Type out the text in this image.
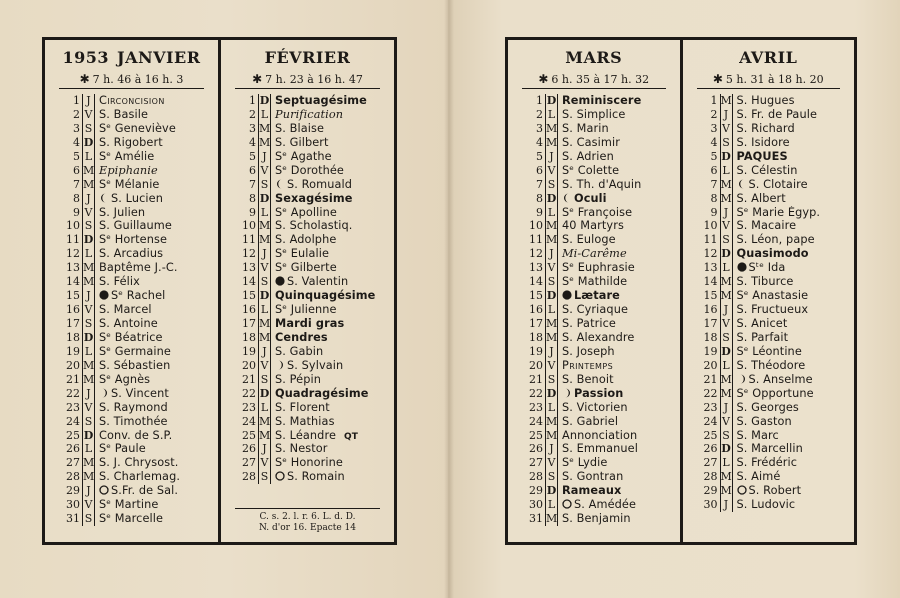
1953 JANVIER
✱ 7 h. 46 à 16 h. 3
1 J Circoncision
2 V S. Basile
3 S Sᵉ Geneviève
4 D S. Rigobert
5 L Sᵉ Amélie
6 M Epiphanie
7 M Sᵉ Mélanie
8 J	S. Lucien
9 V S. Julien
10 S S. Guillaume
11 D Sᵉ Hortense
12 L S. Arcadius
13 M Baptême J.-C.
14 M S. Félix
15 J	Sᵉ Rachel
16 V S. Marcel
17 S S. Antoine
18 D Sᵉ Béatrice
19 L Sᵉ Germaine
20 M S. Sébastien
21 M Sᵉ Agnès
22 J	S. Vincent
23 V S. Raymond
24 S S. Timothée
25 D Conv. de S.P.
26 L Sᵉ Paule
27 M S. J. Chrysost.
28 M S. Charlemag.
29 J	S.Fr. de Sal.
30 V Sᵉ Martine
31 S Sᵉ Marcelle
FÉVRIER
✱ 7 h. 23 à 16 h. 47
1 D Septuagésime
2 L Purification
3 M S. Blaise
4 M S. Gilbert
5 J Sᵉ Agathe
6 V Sᵉ Dorothée
7 S	S. Romuald
8 D Sexagésime
9 L Sᵉ Apolline
10 M S. Scholastiq.
11 M S. Adolphe
12 J Sᵉ Eulalie
13 V Sᵉ Gilberte
14 S	S. Valentin
15 D Quinquagésime
16 L Sᵉ Julienne
17 M Mardi gras
18 M Cendres
19 J S. Gabin
20 V	S. Sylvain
21 S S. Pépin
22 D Quadragésime
23 L S. Florent
24 M S. Mathias
25 M S. Léandre QT
26 J S. Nestor
27 V Sᵉ Honorine
28 S	S. Romain
C. s. 2. l. r. 6. L. d. D.
N. d'or 16. Epacte 14
MARS
✱ 6 h. 35 à 17 h. 32
1 D Reminiscere
2 L S. Simplice
3 M S. Marin
4 M S. Casimir
5 J S. Adrien
6 V Sᵉ Colette
7 S S. Th. d'Aquin
8 D	Oculi
9 L Sᵉ Françoise
10 M 40 Martyrs
11 M S. Euloge
12 J Mi-Carême
13 V Sᵉ Euphrasie
14 S Sᵉ Mathilde
15 D	Lætare
16 L S. Cyriaque
17 M S. Patrice
18 M S. Alexandre
19 J S. Joseph
20 V Printemps
21 S S. Benoit
22 D	Passion
23 L S. Victorien
24 M S. Gabriel
25 M Annonciation
26 J S. Emmanuel
27 V Sᵉ Lydie
28 S S. Gontran
29 D Rameaux
30 L	S. Amédée
31 M S. Benjamin
AVRIL
✱ 5 h. 31 à 18 h. 20
1 M S. Hugues
2 J S. Fr. de Paule
3 V S. Richard
4 S S. Isidore
5 D PAQUES
6 L S. Célestin
7 M	S. Clotaire
8 M S. Albert
9 J Sᵉ Marie Égyp.
10 V S. Macaire
11 S S. Léon, pape
12 D Quasimodo
13 L	Sᵗᵉ Ida
14 M S. Tiburce
15 M Sᵉ Anastasie
16 J S. Fructueux
17 V S. Anicet
18 S S. Parfait
19 D Sᵉ Léontine
20 L S. Théodore
21 M	S. Anselme
22 M Sᵉ Opportune
23 J S. Georges
24 V S. Gaston
25 S S. Marc
26 D S. Marcellin
27 L S. Frédéric
28 M S. Aimé
29 M	S. Robert
30 J S. Ludovic
